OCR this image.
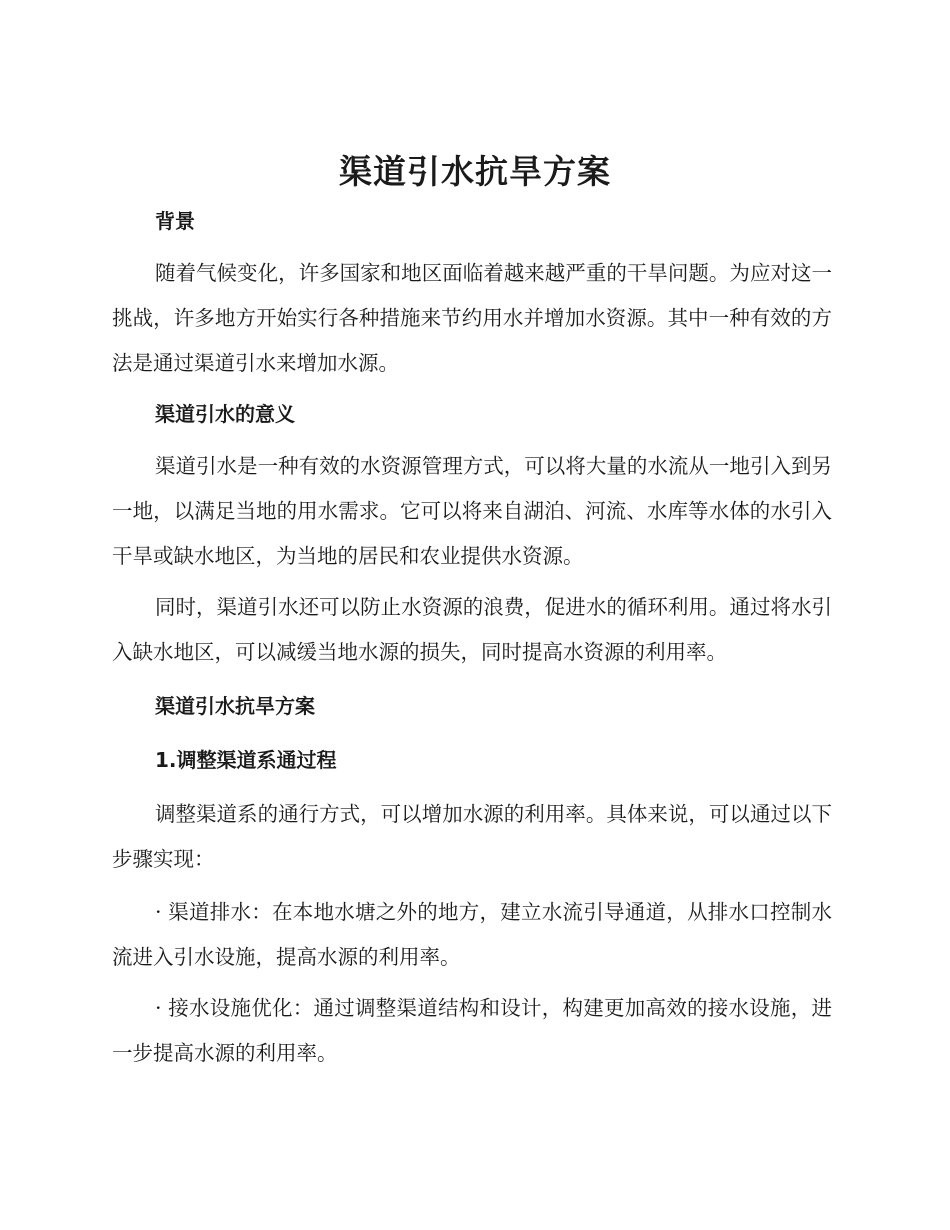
渠道引水抗旱方案
背景

随着气候变化，许多国家和地区面临着越来越严重的干旱问题。为应对这一挑战，许多地方开始实行各种措施来节约用水并增加水资源。其中一种有效的方法是通过渠道引水来增加水源。

渠道引水的意义

渠道引水是一种有效的水资源管理方式，可以将大量的水流从一地引入到另一地，以满足当地的用水需求。它可以将来自湖泊、河流、水库等水体的水引入干旱或缺水地区，为当地的居民和农业提供水资源。

同时，渠道引水还可以防止水资源的浪费，促进水的循环利用。通过将水引入缺水地区，可以减缓当地水源的损失，同时提高水资源的利用率。

渠道引水抗旱方案
1.调整渠道系通过程

调整渠道系的通行方式，可以增加水源的利用率。具体来说，可以通过以下步骤实现：

· 渠道排水：在本地水塘之外的地方，建立水流引导通道，从排水口控制水流进入引水设施，提高水源的利用率。

· 接水设施优化：通过调整渠道结构和设计，构建更加高效的接水设施，进一步提高水源的利用率。
